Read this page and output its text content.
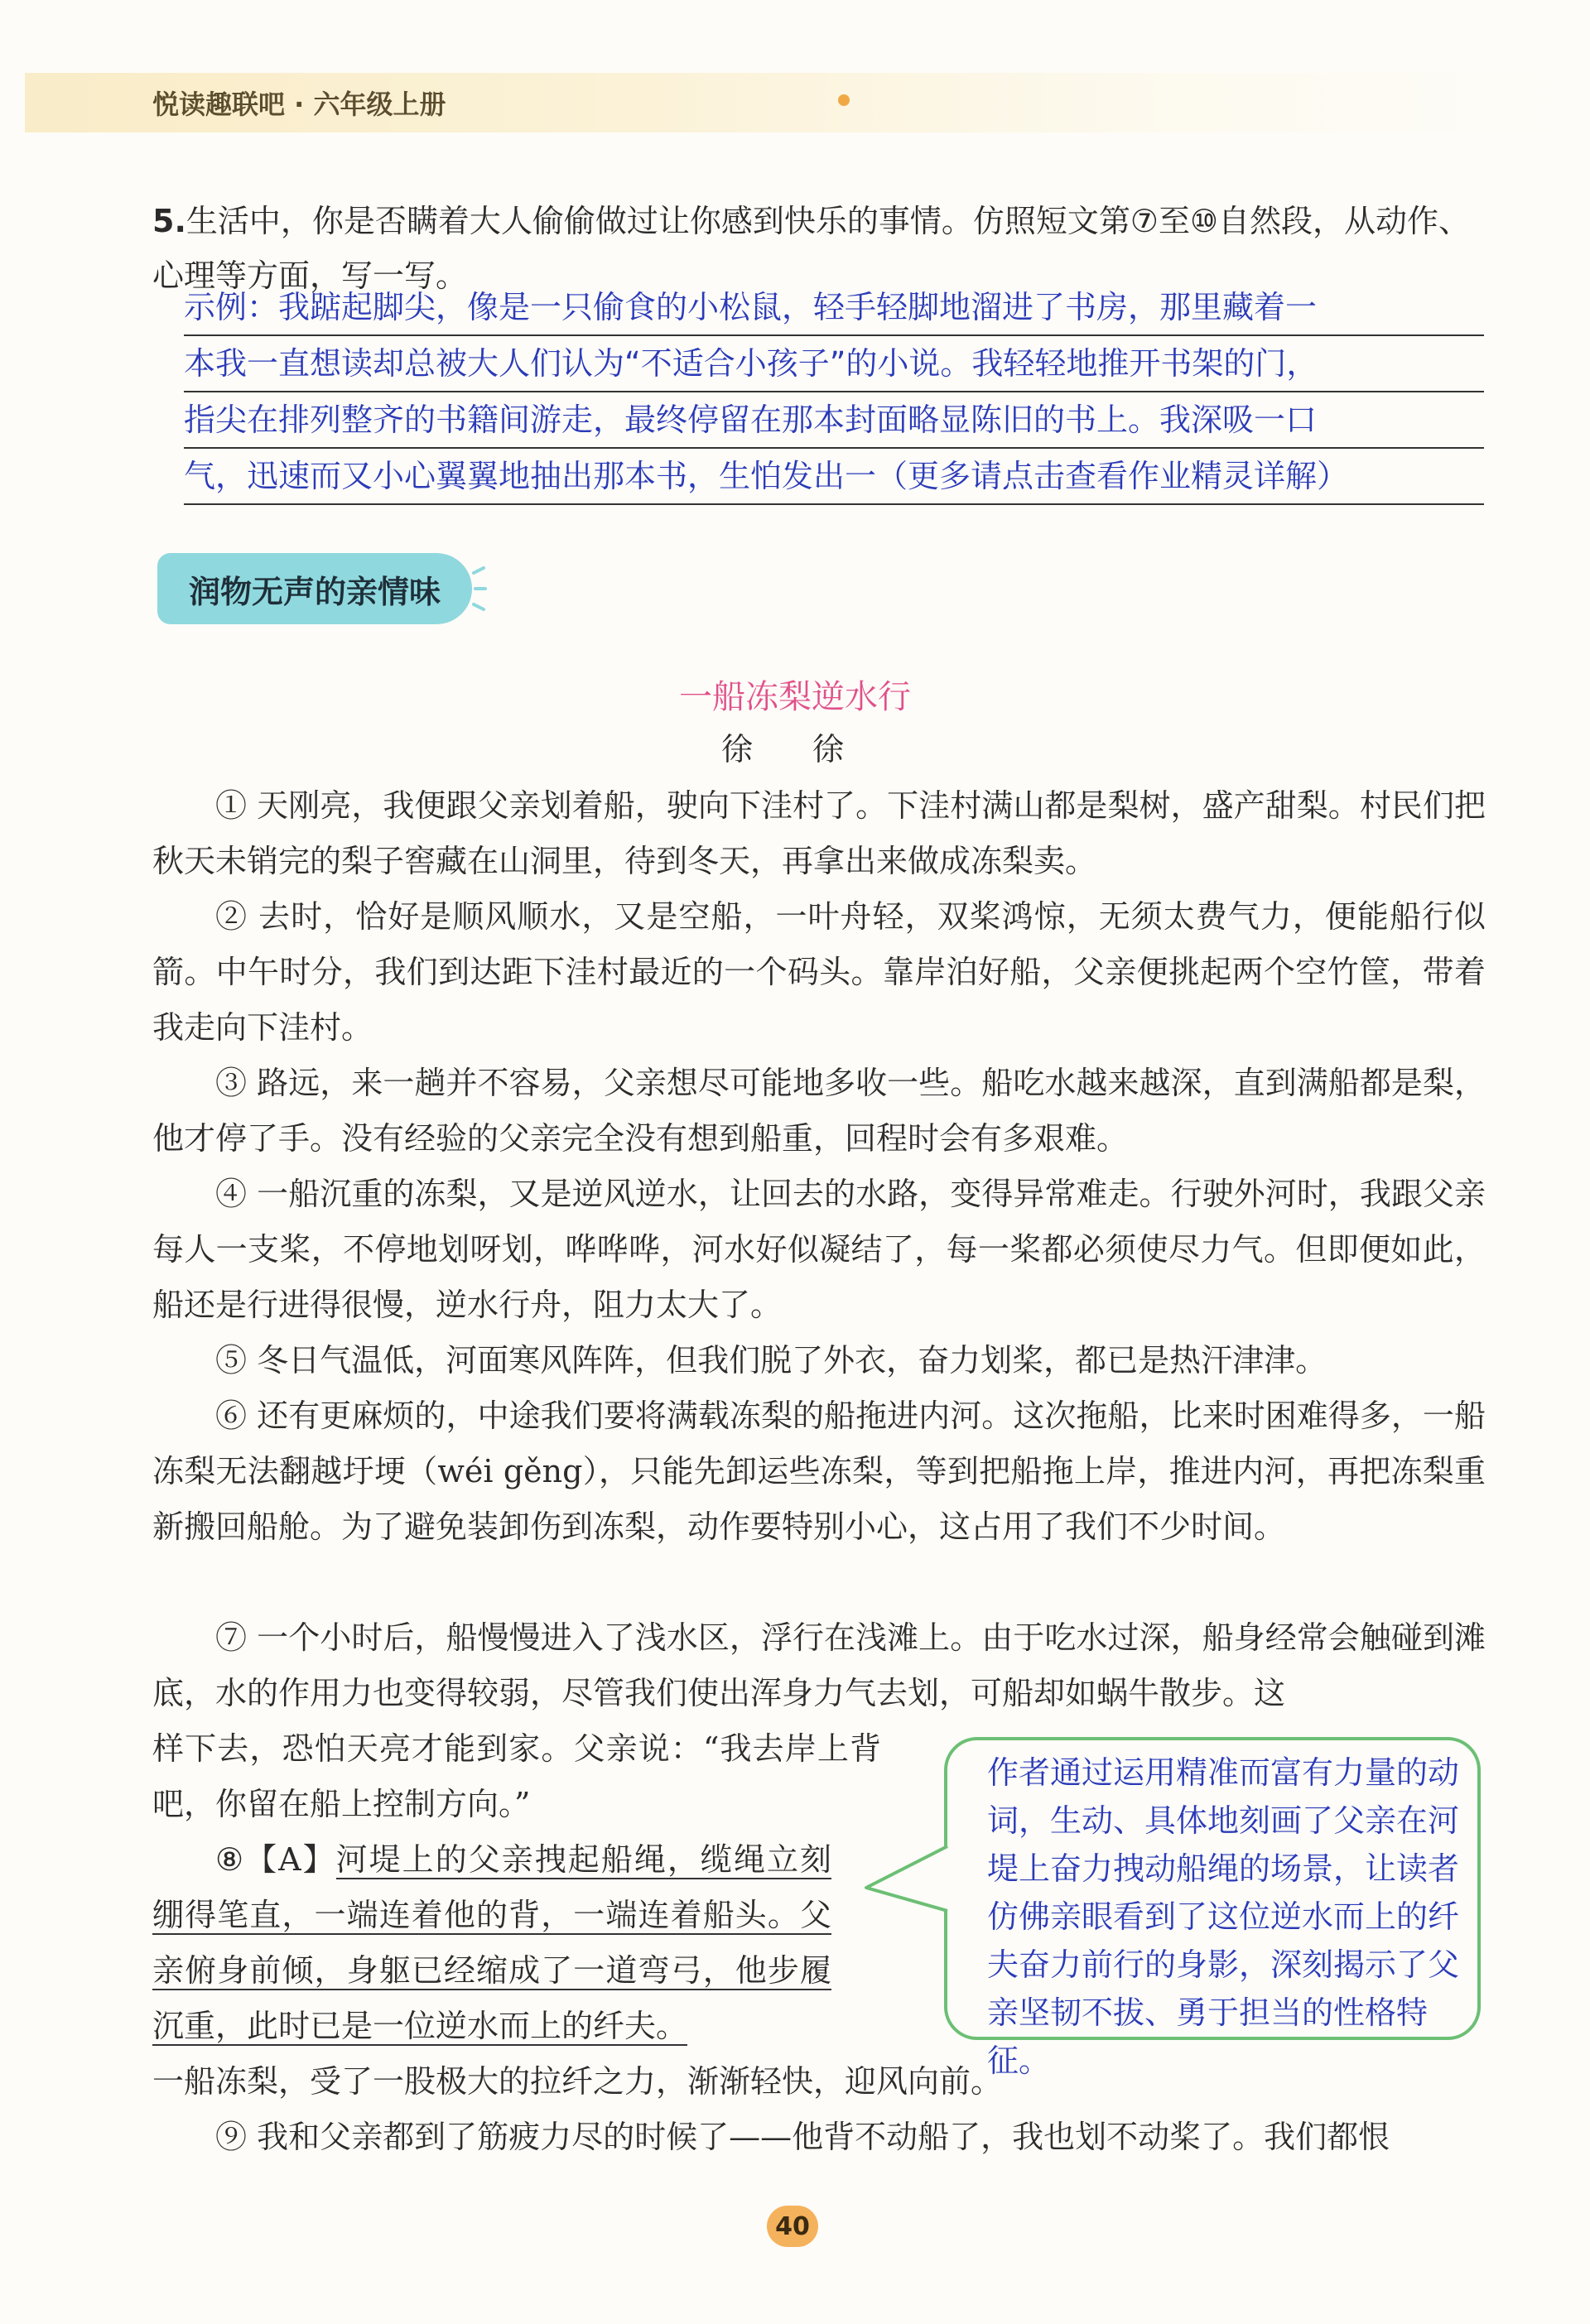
悦读趣联吧 · 六年级上册
5.生活中，你是否瞒着大人偷偷做过让你感到快乐的事情。仿照短文第⑦至⑩自然段，从动作、心理等方面，写一写。
示例：我踮起脚尖，像是一只偷食的小松鼠，轻手轻脚地溜进了书房，那里藏着一
本我一直想读却总被大人们认为“不适合小孩子”的小说。我轻轻地推开书架的门，
指尖在排列整齐的书籍间游走，最终停留在那本封面略显陈旧的书上。我深吸一口
气，迅速而又小心翼翼地抽出那本书，生怕发出一（更多请点击查看作业精灵详解）
润物无声的亲情味
一船冻梨逆水行
徐 徐

① 天刚亮，我便跟父亲划着船，驶向下洼村了。下洼村满山都是梨树，盛产甜梨。村民们把秋天未销完的梨子窖藏在山洞里，待到冬天，再拿出来做成冻梨卖。

② 去时，恰好是顺风顺水，又是空船，一叶舟轻，双桨鸿惊，无须太费气力，便能船行似箭。中午时分，我们到达距下洼村最近的一个码头。靠岸泊好船，父亲便挑起两个空竹筐，带着我走向下洼村。

③ 路远，来一趟并不容易，父亲想尽可能地多收一些。船吃水越来越深，直到满船都是梨，他才停了手。没有经验的父亲完全没有想到船重，回程时会有多艰难。

④ 一船沉重的冻梨，又是逆风逆水，让回去的水路，变得异常难走。行驶外河时，我跟父亲每人一支桨，不停地划呀划，哗哗哗，河水好似凝结了，每一桨都必须使尽力气。但即便如此，船还是行进得很慢，逆水行舟，阻力太大了。

⑤ 冬日气温低，河面寒风阵阵，但我们脱了外衣，奋力划桨，都已是热汗津津。

⑥ 还有更麻烦的，中途我们要将满载冻梨的船拖进内河。这次拖船，比来时困难得多，一船冻梨无法翻越圩埂（wéi gěng），只能先卸运些冻梨，等到把船拖上岸，推进内河，再把冻梨重新搬回船舱。为了避免装卸伤到冻梨，动作要特别小心，这占用了我们不少时间。

⑦ 一个小时后，船慢慢进入了浅水区，浮行在浅滩上。由于吃水过深，船身经常会触碰到滩底，水的作用力也变得较弱，尽管我们使出浑身力气去划，可船却如蜗牛散步。这

样下去，恐怕天亮才能到家。父亲说：“我去岸上背吧，你留在船上控制方向。”

⑧【A】河堤上的父亲拽起船绳，缆绳立刻绷得笔直，一端连着他的背，一端连着船头。父亲俯身前倾，身躯已经缩成了一道弯弓，他步履沉重，此时已是一位逆水而上的纤夫。

一船冻梨，受了一股极大的拉纤之力，渐渐轻快，迎风向前。

⑨ 我和父亲都到了筋疲力尽的时候了——他背不动船了，我也划不动桨了。我们都恨

作者通过运用精准而富有力量的动词，生动、具体地刻画了父亲在河堤上奋力拽动船绳的场景，让读者仿佛亲眼看到了这位逆水而上的纤夫奋力前行的身影，深刻揭示了父亲坚韧不拔、勇于担当的性格特征。
40
